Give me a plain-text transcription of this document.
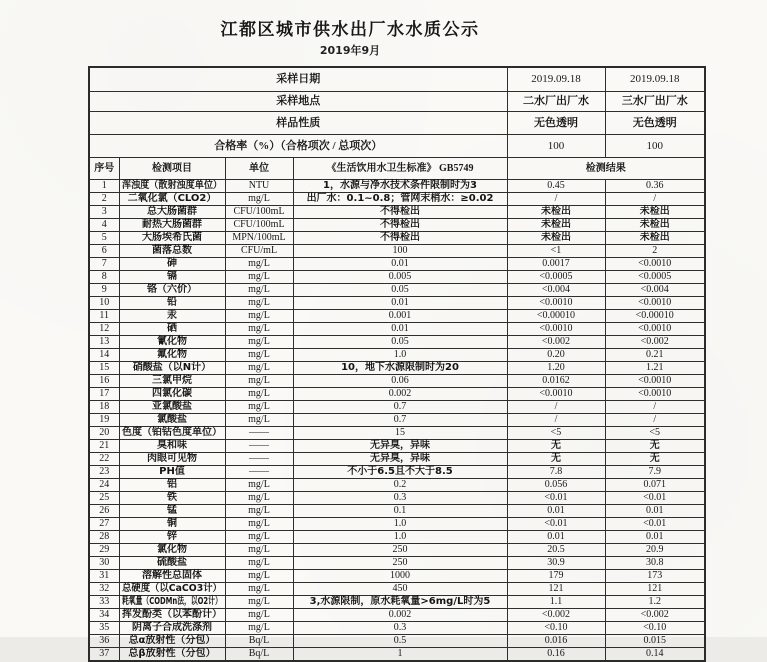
江都区城市供水出厂水水质公示
2019年9月
采样日期				2019.09.18	2019.09.18
采样地点				二水厂出厂水	三水厂出厂水
样品性质				无色透明	无色透明
合格率（%）（合格项次 / 总项次）				100	100
序号	检测项目	单位	《生活饮用水卫生标准》 GB5749	检测结果	
1	浑浊度（散射浊度单位）	NTU	1，水源与净水技术条件限制时为3	0.45	0.36
2	二氧化氯（CLO2）	mg/L	出厂水：0.1~0.8；管网末梢水：≥0.02	/	/
3	总大肠菌群	CFU/100mL	不得检出	未检出	未检出
4	耐热大肠菌群	CFU/100mL	不得检出	未检出	未检出
5	大肠埃希氏菌	MPN/100mL	不得检出	未检出	未检出
6	菌落总数	CFU/mL	100	<1	2
7	砷	mg/L	0.01	0.0017	<0.0010
8	镉	mg/L	0.005	<0.0005	<0.0005
9	铬（六价）	mg/L	0.05	<0.004	<0.004
10	铅	mg/L	0.01	<0.0010	<0.0010
11	汞	mg/L	0.001	<0.00010	<0.00010
12	硒	mg/L	0.01	<0.0010	<0.0010
13	氰化物	mg/L	0.05	<0.002	<0.002
14	氟化物	mg/L	1.0	0.20	0.21
15	硝酸盐（以N计）	mg/L	10，地下水源限制时为20	1.20	1.21
16	三氯甲烷	mg/L	0.06	0.0162	<0.0010
17	四氯化碳	mg/L	0.002	<0.0010	<0.0010
18	亚氯酸盐	mg/L	0.7	/	/
19	氯酸盐	mg/L	0.7	/	/
20	色度（铂钴色度单位）	——	15	<5	<5
21	臭和味	——	无异臭，异味	无	无
22	肉眼可见物	——	无异臭，异味	无	无
23	PH值	——	不小于6.5且不大于8.5	7.8	7.9
24	铝	mg/L	0.2	0.056	0.071
25	铁	mg/L	0.3	<0.01	<0.01
26	锰	mg/L	0.1	0.01	0.01
27	铜	mg/L	1.0	<0.01	<0.01
28	锌	mg/L	1.0	0.01	0.01
29	氯化物	mg/L	250	20.5	20.9
30	硫酸盐	mg/L	250	30.9	30.8
31	溶解性总固体	mg/L	1000	179	173
32	总硬度（以CaCO3计）	mg/L	450	121	121
33	耗氧量（CODMn法，以O2计）	mg/L	3,水源限制，原水耗氧量>6mg/L时为5	1.1	1.2
34	挥发酚类（以苯酚计）	mg/L	0.002	<0.002	<0.002
35	阴离子合成洗涤剂	mg/L	0.3	<0.10	<0.10
36	总α放射性（分包）	Bq/L	0.5	0.016	0.015
37	总β放射性（分包）	Bq/L	1	0.16	0.14
